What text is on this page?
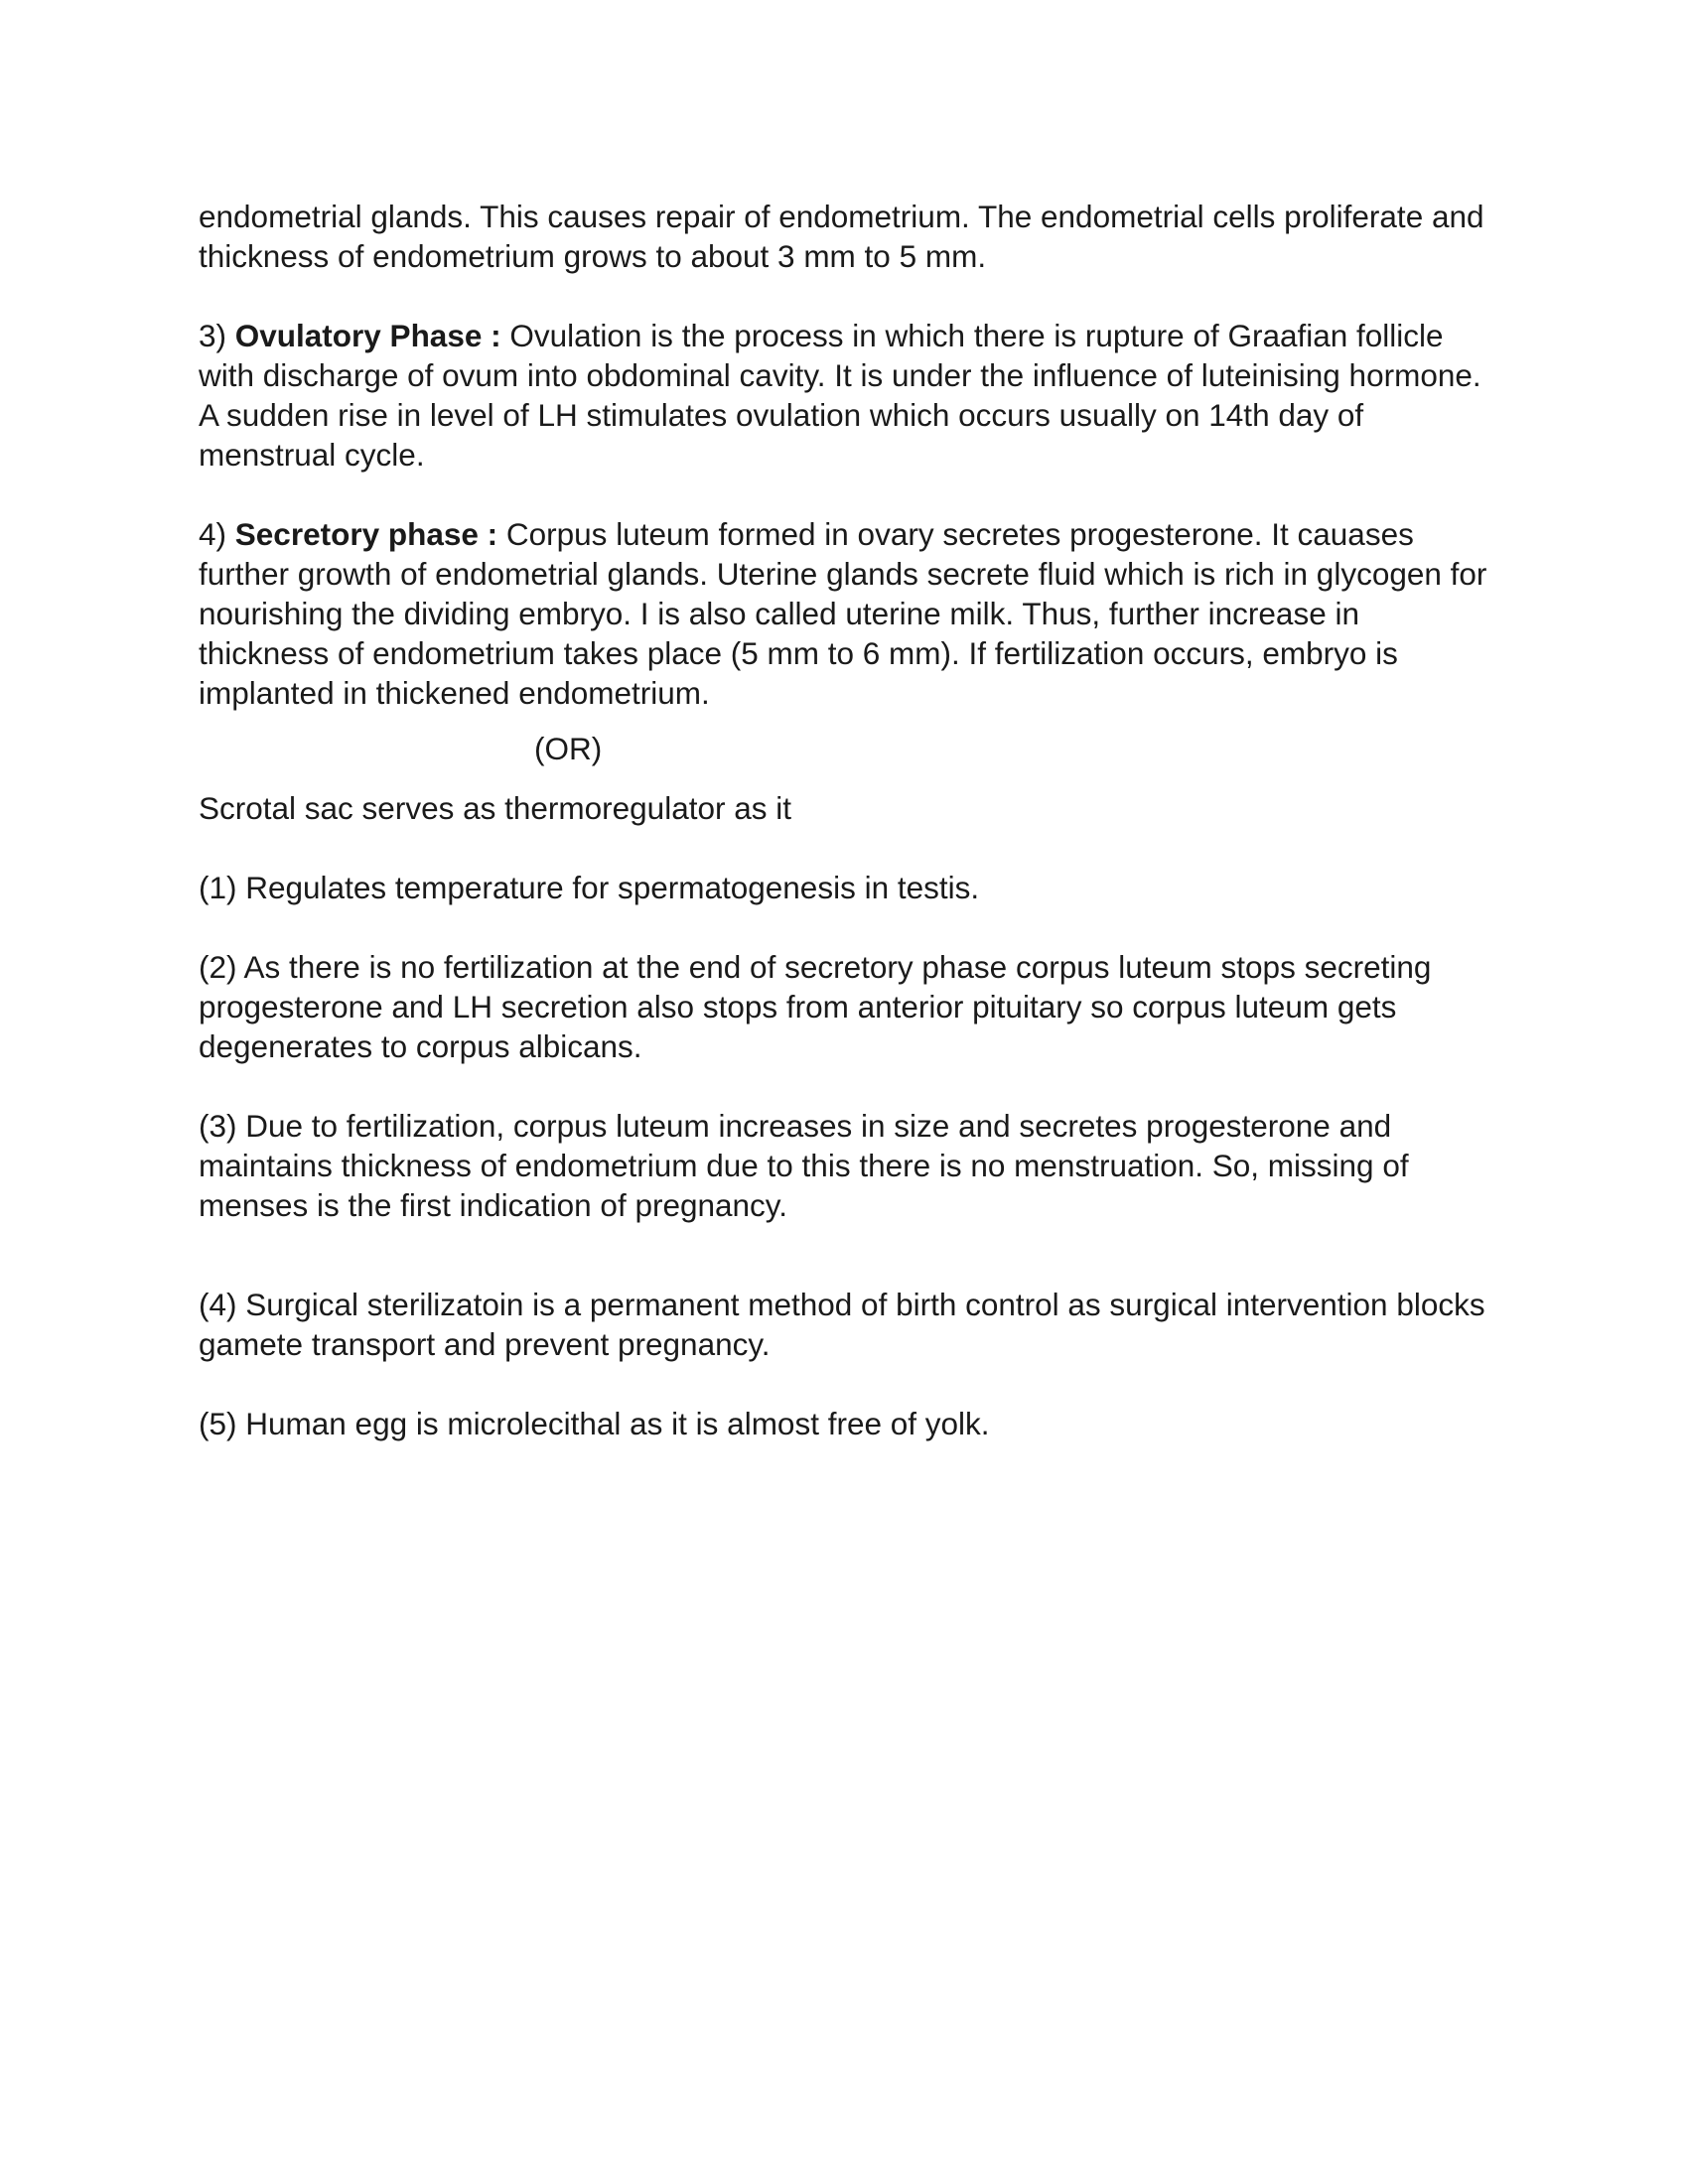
endometrial glands. This causes repair of endometrium. The endometrial cells proliferate and thickness of endometrium grows to about 3 mm to 5 mm.

3) Ovulatory Phase : Ovulation is the process in which there is rupture of Graafian follicle with discharge of ovum into obdominal cavity. It is under the influence of luteinising hormone. A sudden rise in level of LH stimulates ovulation which occurs usually on 14th day of menstrual cycle.

4) Secretory phase : Corpus luteum formed in ovary secretes progesterone. It cauases further growth of endometrial glands. Uterine glands secrete fluid which is rich in glycogen for nourishing the dividing embryo. I is also called uterine milk. Thus, further increase in thickness of endometrium takes place (5 mm to 6 mm). If fertilization occurs, embryo is implanted in thickened endometrium.

(OR)

Scrotal sac serves as thermoregulator as it

(1) Regulates temperature for spermatogenesis in testis.

(2) As there is no fertilization at the end of secretory phase corpus luteum stops secreting progesterone and LH secretion also stops from anterior pituitary so corpus luteum gets degenerates to corpus albicans.

(3) Due to fertilization, corpus luteum increases in size and secretes progesterone and maintains thickness of endometrium due to this there is no menstruation. So, missing of menses is the first indication of pregnancy.

(4) Surgical sterilizatoin is a permanent method of birth control as surgical intervention blocks gamete transport and prevent pregnancy.

(5) Human egg is microlecithal as it is almost free of yolk.
